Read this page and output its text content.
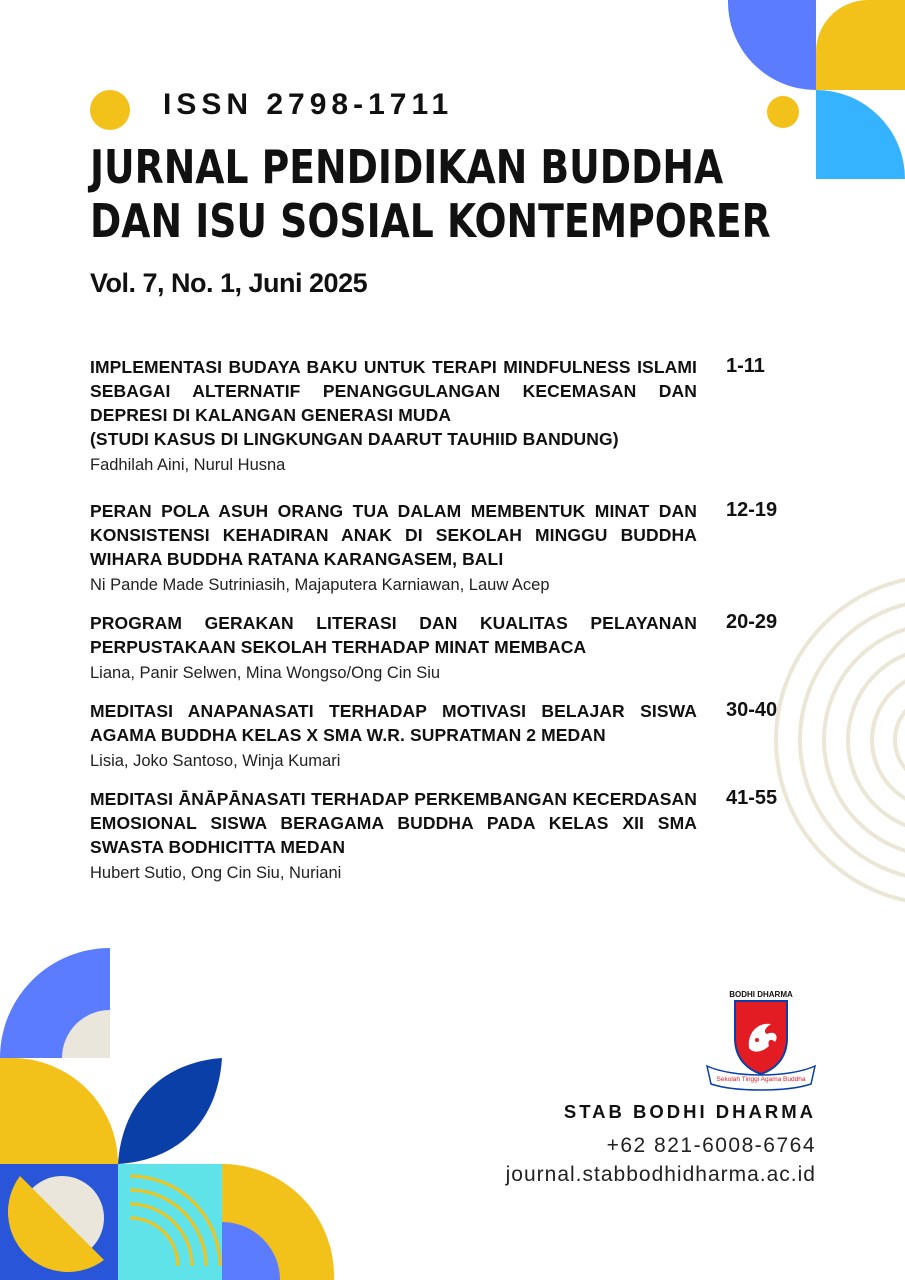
ISSN 2798-1711
JURNAL PENDIDIKAN BUDDHA
DAN ISU SOSIAL KONTEMPORER
Vol. 7, No. 1, Juni 2025

IMPLEMENTASI BUDAYA BAKU UNTUK TERAPI MINDFULNESS ISLAMI SEBAGAI ALTERNATIF PENANGGULANGAN KECEMASAN DAN DEPRESI DI KALANGAN GENERASI MUDA

(STUDI KASUS DI LINGKUNGAN DAARUT TAUHIID BANDUNG)

Fadhilah Aini, Nurul Husna
1-11

PERAN POLA ASUH ORANG TUA DALAM MEMBENTUK MINAT DAN KONSISTENSI KEHADIRAN ANAK DI SEKOLAH MINGGU BUDDHA WIHARA BUDDHA RATANA KARANGASEM, BALI

Ni Pande Made Sutriniasih, Majaputera Karniawan, Lauw Acep
12-19

PROGRAM GERAKAN LITERASI DAN KUALITAS PELAYANAN PERPUSTAKAAN SEKOLAH TERHADAP MINAT MEMBACA

Liana, Panir Selwen, Mina Wongso/Ong Cin Siu
20-29

MEDITASI ANAPANASATI TERHADAP MOTIVASI BELAJAR SISWA AGAMA BUDDHA KELAS X SMA W.R. SUPRATMAN 2 MEDAN

Lisia, Joko Santoso, Winja Kumari
30-40

MEDITASI ĀNĀPĀNASATI TERHADAP PERKEMBANGAN KECERDASAN EMOSIONAL SISWA BERAGAMA BUDDHA PADA KELAS XII SMA SWASTA BODHICITTA MEDAN

Hubert Sutio, Ong Cin Siu, Nuriani
41-55
BODHI DHARMA
Sekolah Tinggi Agama Buddha
STAB BODHI DHARMA
+62 821-6008-6764
journal.stabbodhidharma.ac.id
